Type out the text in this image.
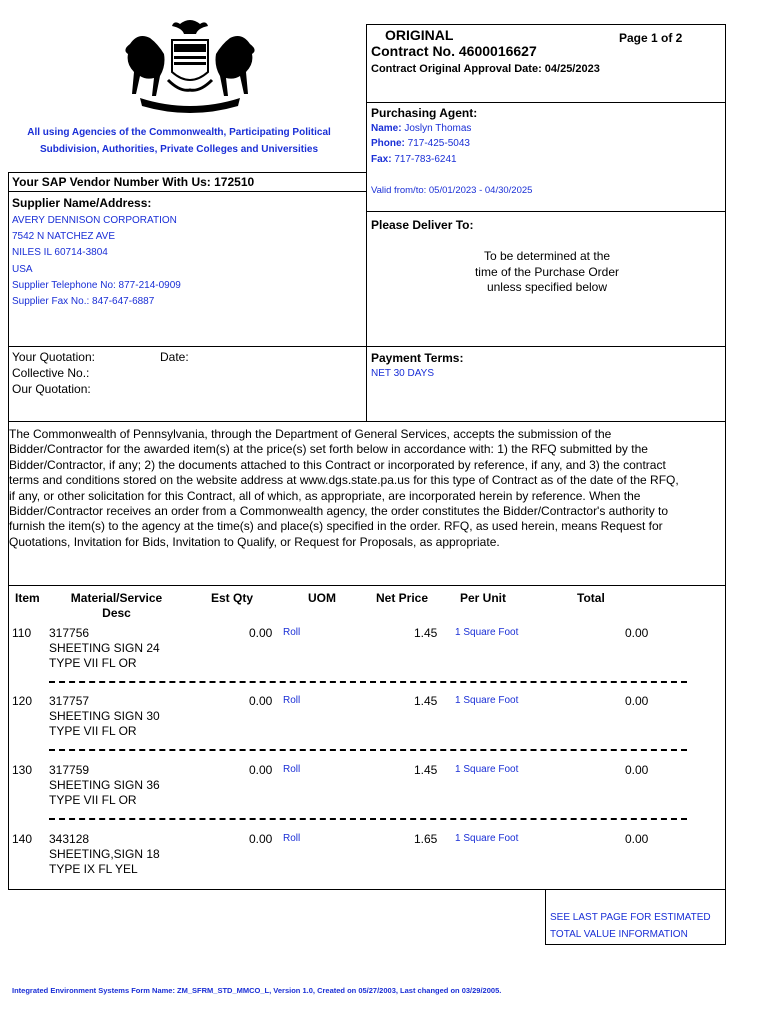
All using Agencies of the Commonwealth, Participating Political
Subdivision, Authorities, Private Colleges and Universities
ORIGINAL	Page 1 of 2
Contract No. 4600016627
Contract Original Approval Date: 04/25/2023
Purchasing Agent:
Name: Joslyn Thomas
Phone: 717-425-5043
Fax: 717-783-6241
Valid from/to: 05/01/2023 - 04/30/2025
Please Deliver To:
To be determined at the
time of the Purchase Order
unless specified below
Payment Terms:
NET 30 DAYS
Your SAP Vendor Number With Us: 172510
Supplier Name/Address:
AVERY DENNISON CORPORATION
7542 N NATCHEZ AVE
NILES IL 60714-3804
USA
Supplier Telephone No: 877-214-0909
Supplier Fax No.: 847-647-6887
Your Quotation:	Date:
Collective No.:
Our Quotation:
The Commonwealth of Pennsylvania, through the Department of General Services, accepts the submission of the
Bidder/Contractor for the awarded item(s) at the price(s) set forth below in accordance with: 1) the RFQ submitted by the
Bidder/Contractor, if any; 2) the documents attached to this Contract or incorporated by reference, if any, and 3) the contract
terms and conditions stored on the website address at www.dgs.state.pa.us for this type of Contract as of the date of the RFQ,
if any, or other solicitation for this Contract, all of which, as appropriate, are incorporated herein by reference. When the
Bidder/Contractor receives an order from a Commonwealth agency, the order constitutes the Bidder/Contractor's authority to
furnish the item(s) to the agency at the time(s) and place(s) specified in the order. RFQ, as used herein, means Request for
Quotations, Invitation for Bids, Invitation to Qualify, or Request for Proposals, as appropriate.
Item	Material/Service
Desc
Est Qty	UOM	Net Price	Per Unit	Total
110 317756
SHEETING SIGN 24
TYPE VII FL OR
0.00 Roll	1.45 1 Square Foot	0.00
120 317757
SHEETING SIGN 30
TYPE VII FL OR
0.00 Roll	1.45 1 Square Foot	0.00
130 317759
SHEETING SIGN 36
TYPE VII FL OR
0.00 Roll	1.45 1 Square Foot	0.00
140 343128
SHEETING,SIGN 18
TYPE IX FL YEL
0.00 Roll	1.65 1 Square Foot	0.00
SEE LAST PAGE FOR ESTIMATED
TOTAL VALUE INFORMATION
Integrated Environment Systems Form Name: ZM_SFRM_STD_MMCO_L, Version 1.0, Created on 05/27/2003, Last changed on 03/29/2005.
